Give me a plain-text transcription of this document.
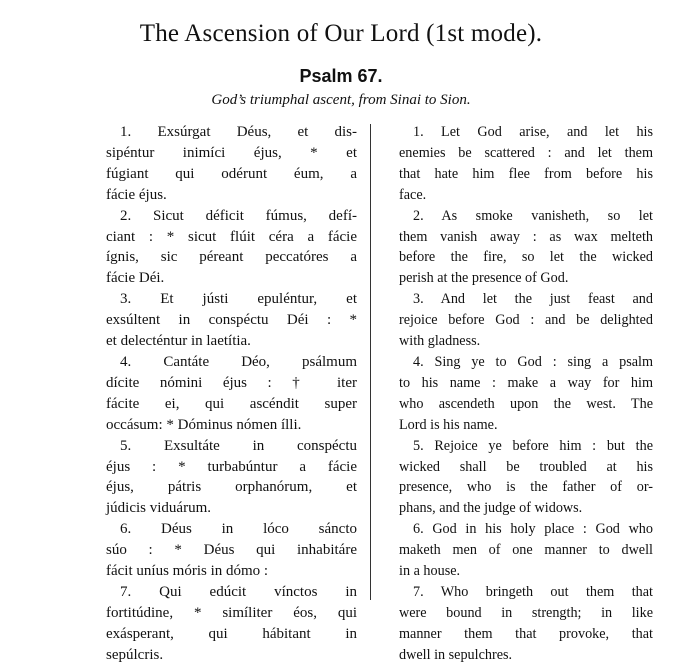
The Ascension of Our Lord (1st mode).
Psalm 67.
God’s triumphal ascent, from Sinai to Sion.
1. Exsúrgat Déus, et dis-
sipéntur inimíci éjus, * et
fúgiant qui odérunt éum, a
fácie éjus.
2. Sicut déficit fúmus, defí-
ciant : * sicut flúit céra a fácie
ígnis, sic péreant peccatóres a
fácie Déi.
3. Et jústi epuléntur, et
exsúltent in conspéctu Déi : *
et delecténtur in laetítia.
4. Cantáte Déo, psálmum
dícite nómini éjus : † iter
fácite ei, qui ascéndit super
occásum: * Dóminus nómen ílli.
5. Exsultáte in conspéctu
éjus : * turbabúntur a fácie
éjus, pátris orphanórum, et
júdicis viduárum.
6. Déus in lóco sáncto
súo : * Déus qui inhabitáre
fácit uníus móris in dómo :
7. Qui edúcit vínctos in
fortitúdine, * simíliter éos, qui
exásperant, qui hábitant in
sepúlcris.
1. Let God arise, and let his
enemies be scattered : and let them
that hate him flee from before his
face.
2. As smoke vanisheth, so let
them vanish away : as wax melteth
before the fire, so let the wicked
perish at the presence of God.
3. And let the just feast and
rejoice before God : and be delighted
with gladness.
4. Sing ye to God : sing a psalm
to his name : make a way for him
who ascendeth upon the west. The
Lord is his name.
5. Rejoice ye before him : but the
wicked shall be troubled at his
presence, who is the father of or-
phans, and the judge of widows.
6. God in his holy place : God who
maketh men of one manner to dwell
in a house.
7. Who bringeth out them that
were bound in strength; in like
manner them that provoke, that
dwell in sepulchres.
